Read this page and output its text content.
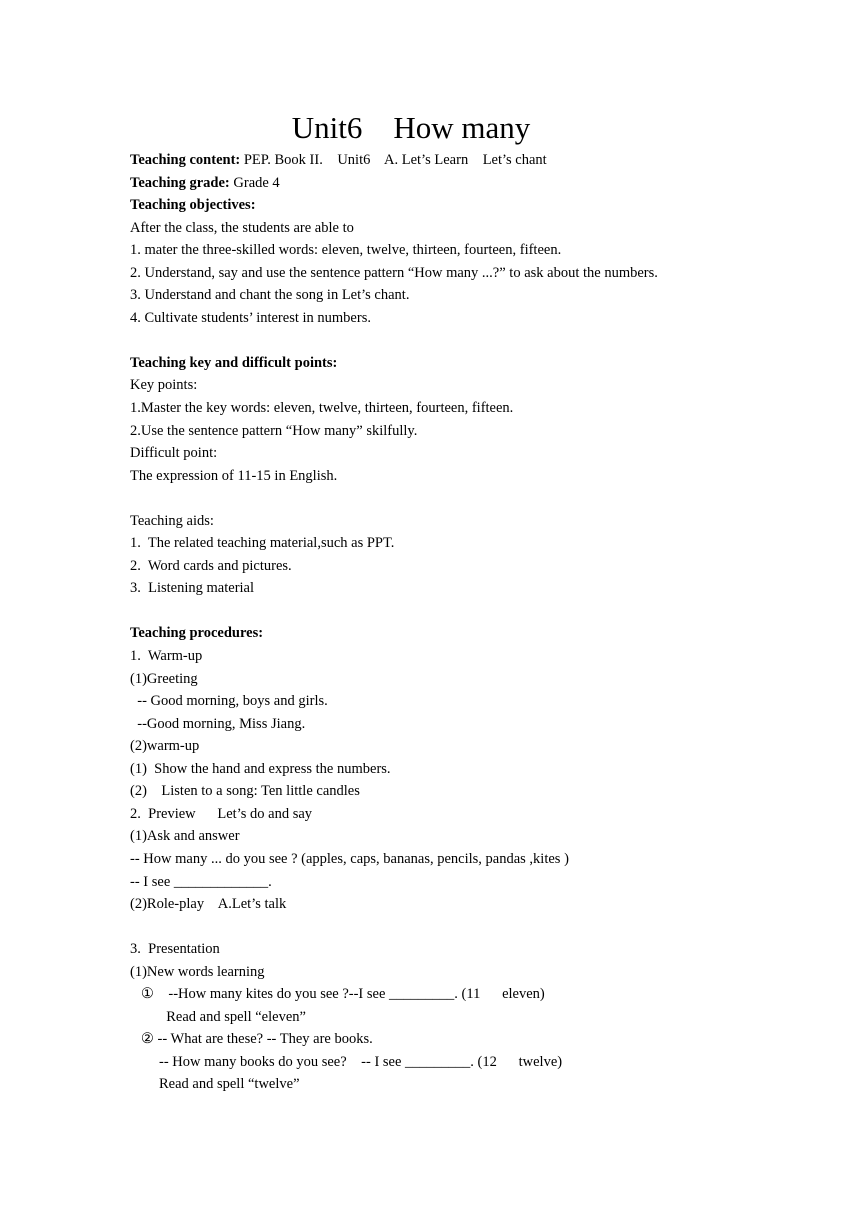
Unit6    How many
Teaching content: PEP. Book II.    Unit6    A. Let’s Learn    Let’s chant
Teaching grade: Grade 4
Teaching objectives:
After the class, the students are able to
1. mater the three-skilled words: eleven, twelve, thirteen, fourteen, fifteen.
2. Understand, say and use the sentence pattern “How many ...?” to ask about the numbers.
3. Understand and chant the song in Let’s chant.
4. Cultivate students’ interest in numbers.
Teaching key and difficult points:
Key points:
1.Master the key words: eleven, twelve, thirteen, fourteen, fifteen.
2.Use the sentence pattern “How many” skilfully.
Difficult point:
The expression of 11-15 in English.
Teaching aids:
1.  The related teaching material,such as PPT.
2.  Word cards and pictures.
3.  Listening material
Teaching procedures:
1.  Warm-up
(1)Greeting
-- Good morning, boys and girls.
--Good morning, Miss Jiang.
(2)warm-up
(1)  Show the hand and express the numbers.
(2)    Listen to a song: Ten little candles
2.  Preview      Let’s do and say
(1)Ask and answer
-- How many ... do you see ? (apples, caps, bananas, pencils, pandas ,kites )
-- I see _____________.
(2)Role-play    A.Let’s talk
3.  Presentation
(1)New words learning
①    --How many kites do you see ?--I see _________. (11      eleven)
Read and spell “eleven”
② -- What are these? -- They are books.
-- How many books do you see?    -- I see _________. (12      twelve)
Read and spell “twelve”
